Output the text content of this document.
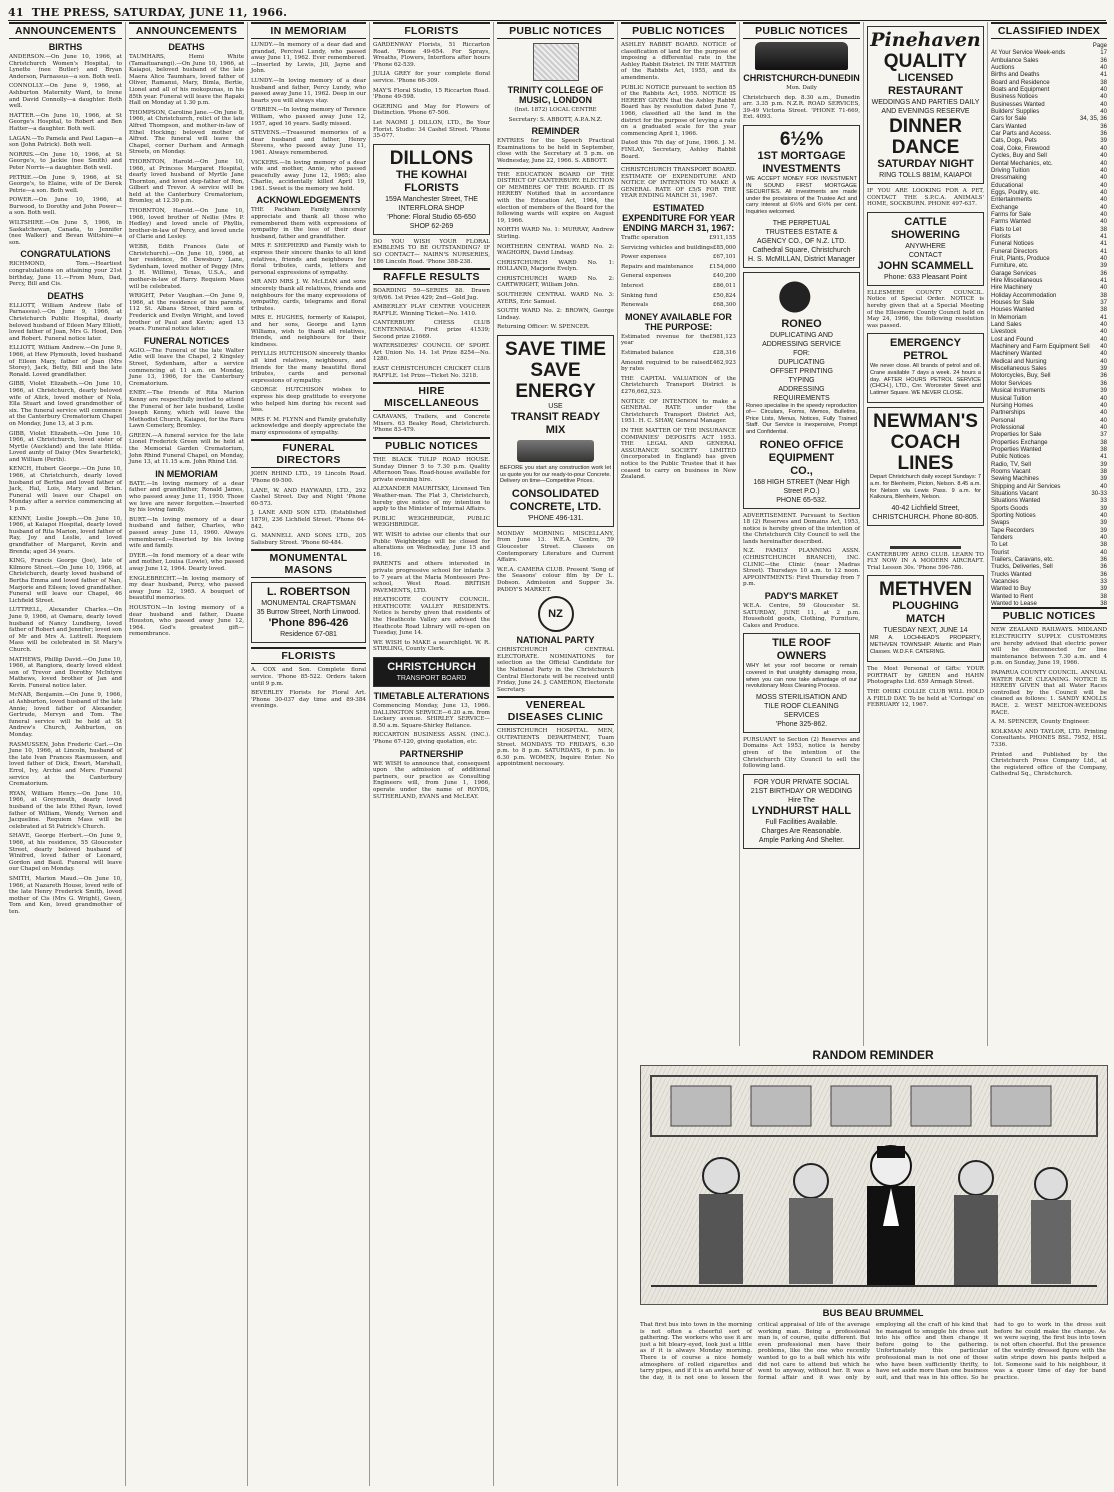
41 THE PRESS, SATURDAY, JUNE 11, 1966.
ANNOUNCEMENTS
BIRTHS
ANDERSON.—On June 10, 1966, at Christchurch Women's Hospital, to Lynette (nee Butler) and Bryan Anderson, Parnassus—a son. Both well.
CONNOLLY.—On June 9, 1966, at Ashburton Maternity Ward, to Irene and David Connolly—a daughter. Both well.
HATTER.—On June 10, 1966, at St George's Hospital, to Robert and Ben Hatter—a daughter. Both well.
LAGAN.—To Pamela and Paul Lagan—a son (John Patrick). Both well.
NORRIS.—On June 10, 1966, at St George's, to Jackie (nee Smith) and Peter Norris—a daughter. Both well.
PETRIE.—On June 9, 1966, at St George's, to Elaine, wife of Dr Derek Petrie—a son. Both well.
POWER.—On June 10, 1966, at Burwood, to Dorothy and John Power—a son. Both well.
WILTSHIRE.—On June 5, 1966, in Saskatchewan, Canada, to Jennifer (nee Walker) and Bevan Wiltshire—a son.
CONGRATULATIONS
RICHMOND, Tom.—Heartiest congratulations on attaining your 21st birthday, June 11.—From Mum, Dad, Percy, Bill and Cis.
DEATHS
ELLIOTT, William Andrew (late of Parnassus).—On June 9, 1966, at Christchurch Public Hospital, dearly beloved husband of Eileen Mary Elliott, loved father of Joan, Mrs G. Hood, Don and Robert. Funeral notice later.
ELLIOTT, William Andrew.—On June 9, 1966, at Hew Plymouth, loved husband of Eileen Mary, father of Joan (Mrs Storey), Jack, Betty, Bill and the late Ronald. Loved grandfather.
GIBB, Violet Elizabeth.—On June 10, 1966, at Christchurch, dearly beloved wife of Alick, loved mother of Nola, Ella Stuart and loved grandmother of six. The funeral service will commence at the Canterbury Crematorium Chapel on Monday, June 13, at 3 p.m.
GIBB, Violet Elizabeth.—On June 10, 1966, at Christchurch, loved sister of Myrtle (Auckland) and the late Hilda. Loved aunty of Daisy (Mrs Swarbrick), and William (Perth).
KENCH, Hubert George.—On June 10, 1966, at Christchurch, dearly loved husband of Bertha and loved father of Jack, Hal, Lois, Mary and Brian. Funeral will leave our Chapel on Monday after a service commencing at 1 p.m.
KENNY, Leslie Joseph.—On June 10, 1966, at Kaiapoi Hospital, dearly loved husband of Rita Marion, loved father of Ray, Joy and Leslie, and loved grandfather of Margaret, Kevin and Brenda; aged 34 years.
KING, Francis George (Joe), late of Kilmore Street.—On June 10, 1966, at Christchurch, dearly loved husband of Bertha Emma and loved father of Nan, Marjorie and Eileen; loved grandfather. Funeral will leave our Chapel, 46 Lichfield Street.
LUTTRELL, Alexander Charles.—On June 9, 1966, at Oamaru, dearly loved husband of Nancy Lundberg, loved father of Robert and Jennifer; loved son of Mr and Mrs A. Luttrell. Requiem Mass will be celebrated in St Mary's Church.
MATHEWS, Phillip David.—On June 10, 1966, at Rangiora, dearly loved eldest son of Trevor and Dorothy McIntyre Mathews, loved brother of Jan and Kevin. Funeral notice later.
McNAB, Benjamin.—On June 9, 1966, at Ashburton, loved husband of the late Annie; loved father of Alexander, Gertrude, Mervyn and Tom. The funeral service will be held at St Andrew's Church, Ashburton, on Monday.
RASMUSSEN, John Frederic Carl.—On June 10, 1966, at Lincoln, husband of the late Ivan Frances Rasmussen, and loved father of Dick, Ewart, Marshall, Errol, Ivy, Archie and Merv. Funeral service at the Canterbury Crematorium.
RYAN, William Henry.—On June 10, 1966, at Greymouth, dearly loved husband of the late Ethel Ryan, loved father of William, Wendy, Vernon and Jacqueline. Requiem Mass will be celebrated at St Patrick's Church.
SHAVE, George Herbert.—On June 9, 1966, at his residence, 55 Gloucester Street, dearly beloved husband of Winifred, loved father of Leonard, Gordon and Basil. Funeral will leave our Chapel on Monday.
SMITH, Marion Maud.—On June 10, 1966, at Nazareth House, loved wife of the late Henry Frederick Smith, loved mother of Cis (Mrs G. Wright), Gwen, Tom and Ken, loved grandmother of ten.
ANNOUNCEMENTS
DEATHS
TAUMHARS, Hemi White (Tamaituarangi).—On June 10, 1966, at Kaiapoi, beloved husband of the late Maera Alice Taumhars, loved father of Oliver, Ramanui, Mary, Bimla, Bertie, Lionel and all of his mokopunas, in his 85th year. Funeral will leave the Rapaki Hall on Monday at 1.30 p.m.
THOMPSON, Caroline Jane.—On June 8, 1966, at Christchurch, relict of the late Alfred Thompson, and mother-in-law of Ethel Hocking; beloved mother of Alfred. The funeral will leave the Chapel, corner Durham and Armagh Streets, on Monday.
THORNTON, Harold.—On June 10, 1966, at Princess Margaret Hospital, dearly loved husband of Myrtle Jane Thornton, and loved step-father of Ron, Gilbert and Trevor. A service will be held at the Canterbury Crematorium, Bromley, at 12.30 p.m.
THORNTON, Harold.—On June 10, 1966, loved brother of Nellie (Mrs P. Hedley) and loved uncle of Phyllis, brother-in-law of Percy, and loved uncle of Clarie and Lesley.
WEBB, Edith Frances (late of Christchurch).—On June 10, 1966, at her residence, 56 Dewsbury Lane, Sydenham, loved mother of Peggy (Mrs J. H. Willims), Texas, U.S.A., and mother-in-law of Harry. Requiem Mass will be celebrated.
WRIGHT, Peter Vaughan.—On June 9, 1966, at the residence of his parents, 112 St. Albans Street, third son of Frederick and Evelyn Wright, and loved brother of Paul and Kevin; aged 13 years. Funeral notice later.
FUNERAL NOTICES
AGIO.—The Funeral of the late Walter Adie will leave the Chapel, 2 Kingsley Street, Sydenham, after a service commencing at 11 a.m. on Monday, June 13, 1966, for the Canterbury Crematorium.
ENBY.—The friends of Rita Marion Kenny are respectfully invited to attend the Funeral of her late husband, Leslie Joseph Kenny, which will leave the Methodist Church, Kaiapoi, for the Ruru Lawn Cemetery, Bromley.
GREEN.—A funeral service for the late Lionel Frederick Green will be held at the Memorial Garden Crematorium, John Rhind Funeral Chapel, on Monday, June 13, at 11.15 a.m. John Rhind Ltd.
IN MEMORIAM
BATE.—In loving memory of a dear father and grandfather, Ronald James, who passed away June 11, 1950. Those we love are never forgotten.—Inserted by his loving family.
BURT.—In loving memory of a dear husband and father, Charles, who passed away June 11, 1960. Always remembered.—Inserted by his loving wife and family.
DYER.—In fond memory of a dear wife and mother, Louisa (Lowie), who passed away June 12, 1964. Dearly loved.
ENGLEBRECHT.—In loving memory of my dear husband, Percy, who passed away June 12, 1965. A bouquet of beautiful memories.
HOUSTON.—In loving memory of a dear husband and father, Duane Houston, who passed away June 12, 1964. God's greatest gift—remembrance.
IN MEMORIAM
LUNDY.—In memory of a dear dad and grandad, Percival Lundy, who passed away June 11, 1962. Ever remembered.—Inserted by Lewis, Jill, Jayne and John.
LUNDY.—In loving memory of a dear husband and father, Percy Lundy, who passed away June 11, 1962. Deep in our hearts you will always stay.
O'BRIEN.—In loving memory of Terence William, who passed away June 12, 1957, aged 16 years. Sadly missed.
STEVENS.—Treasured memories of a dear husband and father, Henry Stevens, who passed away June 11, 1961. Always remembered.
VICKERS.—In loving memory of a dear wife and mother, Annie, who passed peacefully away June 12, 1965; also Charlie, accidentally killed April 19, 1961. Sweet is the memory we hold.
ACKNOWLEDGEMENTS
THE Packham Family sincerely appreciate and thank all those who remembered them with expressions of sympathy in the loss of their dear husband, father and grandfather.
MRS F. SHEPHERD and Family wish to express their sincere thanks to all kind relatives, friends and neighbours for floral tributes, cards, letters and personal expressions of sympathy.
MR AND MRS J. W. McLEAN and sons sincerely thank all relatives, friends and neighbours for the many expressions of sympathy, cards, telegrams and floral tributes.
MRS E. HUGHES, formerly of Kaiapoi, and her sons, George and Lynn Williams, wish to thank all relatives, friends, and neighbours for their kindness.
PHYLLIS HUTCHISON sincerely thanks all kind relatives, neighbours, and friends for the many beautiful floral tributes, cards and personal expressions of sympathy.
GEORGE HUTCHISON wishes to express his deep gratitude to everyone who helped him during his recent sad loss.
MRS F. M. FLYNN and Family gratefully acknowledge and deeply appreciate the many expressions of sympathy.
FUNERAL DIRECTORS
JOHN RHIND LTD., 19 Lincoln Road. 'Phone 69-500.
LANE, W. AND HAYWARD, LTD., 292 Cashel Street. Day and Night 'Phone 60-573.
J. LANE AND SON LTD. (Established 1879), 236 Lichfield Street. 'Phone 64-842.
G. MANNELL AND SONS LTD., 205 Salisbury Street. 'Phone 60-484.
MONUMENTAL MASONS
L. ROBERTSON
MONUMENTAL CRAFTSMAN
35 Burrow Street, North Linwood.
'Phone 896-426
Residence 67-081
FLORISTS
A. COX and Son. Complete floral service. 'Phone 85-522. Orders taken until 9 p.m.
BEVERLEY Florists for Floral Art. 'Phone 30-037 day time and 89-384 evenings.
FLORISTS
GARDENWAY Florists, 51 Riccarton Road. 'Phone 49-654. For Sprays, Wreaths, Flowers, Interflora after hours 'Phone 62-539.
JULIA GREY for your complete floral service. 'Phone 66-309.
MAY'S Floral Studio, 15 Riccarton Road. 'Phone 49-598.
OGERING and May for Flowers of Distinction. 'Phone 67-506.
Let NAOMI J. DILLON, LTD., Be Your Florist. Studio: 34 Cashel Street. 'Phone 35-077.
DILLONS
THE KOWHAI FLORISTS
159A Manchester Street, THE INTERFLORA SHOP
'Phone: Floral Studio 65-650
SHOP 62-269
DO YOU WISH YOUR FLORAL EMBLEMS TO BE OUTSTANDING? IF SO CONTACT— NAIRN'S NURSERIES, 186 Lincoln Road. 'Phone 388-238.
RAFFLE RESULTS
BOARDING 59—SERIES 88. Drawn 9/6/66. 1st Prize 429; 2nd—Gold Jug.
AMBERLEY PLAY CENTRE VOUCHER RAFFLE. Winning Ticket—No. 1410.
CANTERBURY CHESS CLUB CENTENNIAL. First prize 41539; Second prize 21669.
WATERSIDERS' COUNCIL OF SPORT. Art Union No. 14. 1st Prize 8254—No. 1280.
EAST CHRISTCHURCH CRICKET CLUB RAFFLE. 1st Prize—Ticket No. 3218.
HIRE MISCELLANEOUS
CARAVANS, Trailers, and Concrete Mixers. 63 Bealey Road, Christchurch. 'Phone 83-479.
PUBLIC NOTICES
THE BLACK TULIP ROAD HOUSE. Sunday Dinner 5 to 7.30 p.m. Quality Afternoon Teas. Road-house available for private evening hire.
ALEXANDER MAURITSKY, Licensed Ten Weather-man. The Flat 3, Christchurch, hereby give notice of my intention to apply to the Minister of Internal Affairs.
PUBLIC WEIGHBRIDGE, PUBLIC WEIGHBRIDGE.
WE WISH to advise our clients that our Public Weighbridge will be closed for alterations on Wednesday, June 15 and 16.
PARENTS and others interested in private progressive school for infants 3 to 7 years at the Maria Montessori Pre-school, West Road. BRITISH PAVEMENTS, LTD.
HEATHCOTE COUNTY COUNCIL. HEATHCOTE VALLEY RESIDENTS. Notice is hereby given that residents of the Heathcote Valley are advised the Heathcote Road Library will re-open on Tuesday, June 14.
WE WISH to MAKE a searchlight. W. R. STIRLING, County Clerk.
CHRISTCHURCH
TRANSPORT BOARD
TIMETABLE ALTERATIONS
Commencing Monday, June 13, 1966. DALLINGTON SERVICE—6.20 a.m. from Lockery avenue. SHIRLEY SERVICE—8.50 a.m. Square-Shirley Reliance.
RICCARTON BUSINESS ASSN. (INC.). 'Phone 67-120, giving quotation, etc.
PARTNERSHIP
WE WISH to announce that, consequent upon the admission of additional partners, our practice as Consulting Engineers will, from June 1, 1966, operate under the name of ROYDS, SUTHERLAND, EVANS and McLEAY.
PUBLIC NOTICES
TRINITY COLLEGE OF MUSIC, LONDON
(Inst. 1872) LOCAL CENTRE
Secretary: S. ABBOTT, A.P.A.N.Z.
REMINDER
ENTRIES for the Speech Practical Examinations to be held in September, close with the Secretary at 5 p.m. on Wednesday, June 22, 1966. S. ABBOTT.
THE EDUCATION BOARD OF THE DISTRICT OF CANTERBURY. ELECTION OF MEMBERS OF THE BOARD. IT IS HEREBY Notified that in accordance with the Education Act, 1964, the election of members of the Board for the following wards will expire on August 19, 1966.
NORTH WARD No. 1: MURRAY, Andrew Stirling.
NORTHERN CENTRAL WARD No. 2: WAGHORN, David Lindsay.
CHRISTCHURCH WARD No. 1: HOLLAND, Marjorie Evelyn.
CHRISTCHURCH WARD No. 2: CARTWRIGHT, William John.
SOUTHERN CENTRAL WARD No. 3: AYERS, Eric Samuel.
SOUTH WARD No. 2: BROWN, George Lindsay.
Returning Officer: W. SPENCER.
SAVE TIME
SAVE ENERGY
USE
TRANSIT READY MIX
BEFORE you start any construction work let us quote you for our ready-to-pour Concrete. Delivery on time—Competitive Prices.
CONSOLIDATED CONCRETE, LTD.
'PHONE 496-131.
MONDAY MORNING MISCELLANY, from June 13. W.E.A. Centre, 59 Gloucester Street. Classes on Contemporary Literature and Current Affairs.
W.E.A. CAMERA CLUB. Present 'Song of the Seasons' colour film by Dr L. Dobson. Admission and Supper 3s. PADDY'S MARKET.
NZ
NATIONAL PARTY
CHRISTCHURCH CENTRAL ELECTORATE. NOMINATIONS for selection as the Official Candidate for the National Party in the Christchurch Central Electorate will be received until Friday, June 24. J. CAMERON, Electorate Secretary.
VENEREAL DISEASES CLINIC
CHRISTCHURCH HOSPITAL. MEN, OUTPATIENTS DEPARTMENT, Tuam Street. MONDAYS TO FRIDAYS, 6.30 p.m. to 8 p.m. SATURDAYS, 6 p.m. to 6.30 p.m. WOMEN, Inquire Enter. No appointment necessary.
PUBLIC NOTICES
ASHLEY RABBIT BOARD. NOTICE of classification of land for the purpose of imposing a differential rate in the Ashley Rabbit District. IN THE MATTER of the Rabbits Act, 1955, and its amendments.
PUBLIC NOTICE pursuant to section 85 of the Rabbits Act, 1955. NOTICE IS HEREBY GIVEN that the Ashley Rabbit Board has by resolution dated June 7, 1966, classified all the land in the district for the purpose of levying a rate on a graduated scale for the year commencing April 1, 1966.
Dated this 7th day of June, 1966. J. M. FINLAY, Secretary, Ashley Rabbit Board.
CHRISTCHURCH TRANSPORT BOARD. ESTIMATE OF EXPENDITURE AND NOTICE OF INTENTION TO MAKE A GENERAL RATE OF £5/S FOR THE YEAR ENDING MARCH 31, 1967.
ESTIMATED EXPENDITURE FOR YEAR ENDING MARCH 31, 1967:
Traffic operation	£911,155
Servicing vehicles and buildings £85,000
Power expenses	£67,101
Repairs and maintenance	£154,000
General expenses	£40,200
Interest	£86,011
Sinking fund	£50,824
Renewals	£68,300
MONEY AVAILABLE FOR THE PURPOSE:
Estimated revenue for the year
£981,123
Estimated balance	£28,316
Amount required to be raised by rates
£462,923
THE CAPITAL VALUATION of the Christchurch Transport District is £276,662,323.
NOTICE OF INTENTION to make a GENERAL RATE under the Christchurch Transport District Act, 1951. H. C. SHAW, General Manager.
IN THE MATTER OF THE INSURANCE COMPANIES' DEPOSITS ACT 1953. THE LEGAL AND GENERAL ASSURANCE SOCIETY LIMITED (incorporated in England) has given notice to the Public Trustee that it has ceased to carry on business in New Zealand.
PUBLIC NOTICES
CHRISTCHURCH-DUNEDIN
Mon. Daily
Christchurch dep. 8.30 a.m., Dunedin arr. 3.35 p.m. N.Z.R. ROAD SERVICES, 39-49 Victoria Street. 'PHONE 71-669, Ext. 4093.
6½%
1ST MORTGAGE
INVESTMENTS
WE ACCEPT MONEY FOR INVESTMENT IN SOUND FIRST MORTGAGE SECURITIES. All investments are made under the provisions of the Trustee Act and carry interest at 6½% and 6½% per cent. Inquiries welcomed.
THE PERPETUAL
TRUSTEES ESTATE &
AGENCY CO., OF N.Z. LTD.
Cathedral Square, Christchurch
H. S. McMILLAN, District Manager
RONEO
DUPLICATING AND
ADDRESSING SERVICE
FOR:
DUPLICATING
OFFSET PRINTING
TYPING
ADDRESSING
REQUIREMENTS
Roneo specialise in the speedy reproduction of— Circulars, Forms, Memos, Bulletins, Price Lists, Menus, Notices, Fully Trained Staff. Our Service is inexpensive, Prompt and Confidential.
RONEO OFFICE
EQUIPMENT
CO.,
168 HIGH STREET (Near High Street P.O.)
PHONE 65-532.
ADVERTISEMENT. Pursuant to Section 18 (2) Reserves and Domains Act, 1953, notice is hereby given of the intention of the Christchurch City Council to sell the lands hereinafter described.
N.Z. FAMILY PLANNING ASSN. (CHRISTCHURCH BRANCH), INC. CLINIC—the Clinic (near Madras Street). Thursdays 10 a.m. to 12 noon. APPOINTMENTS: First Thursday from 7 p.m.
PADY'S MARKET
W.E.A. Centre, 59 Gloucester St. SATURDAY, JUNE 11, at 2 p.m. Household goods, Clothing, Furniture, Cakes and Produce.
TILE ROOF
OWNERS
WHY let your roof become or remain covered in that unsightly damaging moss, when you can now take advantage of our revolutionary Moss Cleaning Process.
MOSS STERILISATION AND
TILE ROOF CLEANING
SERVICES
'Phone 325-862.
PURSUANT to Section (2) Reserves and Domains Act 1953, notice is hereby given of the intention of the Christchurch City Council to sell the following land.
FOR YOUR PRIVATE SOCIAL
21ST BIRTHDAY OR WEDDING
Hire The
LYNDHURST HALL
Full Facilities Available.
Charges Are Reasonable.
Ample Parking And Shelter.
Pinehaven
QUALITY
LICENSED RESTAURANT
WEDDINGS AND PARTIES DAILY AND EVENINGS RESERVE
DINNER DANCE
SATURDAY NIGHT
RING TOLLS 881M, KAIAPOI
IF YOU ARE LOOKING FOR A PET, CONTACT THE S.P.C.A. ANIMALS' HOME, SOCKBURN. PHONE 497-637.
CATTLE SHOWERING
ANYWHERE
CONTACT
JOHN SCAMMELL
Phone: 633 Pleasant Point
ELLESMERE COUNTY COUNCIL. Notice of Special Order. NOTICE is hereby given that at a Special Meeting of the Ellesmere County Council held on May 24, 1966, the following resolution was passed.
EMERGENCY PETROL
We never close. All brands of petrol and oil. Crane available 7 days a week. 24 hours a day. AFTER HOURS PETROL SERVICE (CHCH.), LTD., Cnr. Worcester Street and Latimer Square. WE NEVER CLOSE.
NEWMAN'S
COACH LINES
Depart Christchurch daily except Sundays: 7 a.m. for Blenheim, Picton, Nelson. 8.45 a.m. for Nelson via Lewis Pass. 9 a.m. for Kaikoura, Blenheim, Nelson.
40-42 Lichfield Street, CHRISTCHURCH. Phone 80-805.
CANTERBURY AERO CLUB. LEARN TO FLY NOW IN A MODERN AIRCRAFT. Trial Lesson 30s. 'Phone 596-786.
METHVEN
PLOUGHING
MATCH
TUESDAY NEXT, JUNE 14
MR A. LOCHHEAD'S PROPERTY, METHVEN TOWNSHIP. Atlantic and Plain Classes. W.D.F.F. CATERING.
The Most Personal of Gifts: YOUR PORTRAIT by GREEN and HAHN Photographs Ltd. 659 Armagh Street.
THE OHIKI COLLIE CLUB WILL HOLD A FIELD DAY. To be held at 'Coringa' on FEBRUARY 12, 1967.
CLASSIFIED INDEX
Page
At Your Service Week-ends	17
Ambulance Sales	36
Auctions	40
Births and Deaths	41
Board and Residence	38
Boats and Equipment	40
Business Notices	40
Businesses Wanted	40
Builders' Supplies	40
Cars for Sale	34, 35, 36
Cars Wanted	36
Car Parts and Access.	36
Cats, Dogs, Pets	39
Coal, Coke, Firewood	40
Cycles, Buy and Sell	40
Dental Mechanics, etc.	40
Driving Tuition	40
Dressmaking	40
Educational	40
Eggs, Poultry, etc.	40
Entertainments	40
Exchange	40
Farms for Sale	40
Farms Wanted	40
Flats to Let	38
Florists	41
Funeral Notices	41
Funeral Directors	41
Fruit, Plants, Produce	40
Furniture, etc.	39
Garage Services	36
Hire Miscellaneous	41
Hire Machinery	40
Holiday Accommodation	38
Houses for Sale	37
Houses Wanted	38
In Memoriam	41
Land Sales	40
Livestock	40
Lost and Found	40
Machinery and Farm Equipment Sell 40
Machinery Wanted	40
Medical and Nursing	40
Miscellaneous Sales	39
Motorcycles, Buy, Sell	36
Motor Services	36
Musical Instruments	39
Musical Tuition	40
Nursing Homes	40
Partnerships	40
Personal	40
Professional	40
Properties for Sale	37
Properties Exchange	38
Properties Wanted	38
Public Notices	41
Radio, TV, Sell	39
Rooms Vacant	38
Sewing Machines	39
Shipping and Air Services	40
Situations Vacant	30-33
Situations Wanted	33
Sports Goods	39
Sporting Notices	40
Swaps	39
Tape Recorders	39
Tenders	40
To Let	38
Tourist	40
Trailers, Caravans, etc.	36
Trucks, Deliveries, Sell	36
Trucks Wanted	36
Vacancies	33
Wanted to Buy	39
Wanted to Rent	38
Wanted to Lease	38
PUBLIC NOTICES
NEW ZEALAND RAILWAYS. MIDLAND ELECTRICITY SUPPLY. CUSTOMERS are hereby advised that electric power will be disconnected for line maintenance between 7.30 a.m. and 4 p.m. on Sunday, June 19, 1966.
PAPARUA COUNTY COUNCIL. ANNUAL WATER RACE CLEANING. NOTICE IS HEREBY GIVEN that all Water Races controlled by the Council will be cleaned as follows: 1. SANDY KNOLLS RACE. 2. WEST MELTON-WEEDONS RACE.
A. M. SPENCER, County Engineer.
KOLKMAN AND TAYLOR, LTD. Printing Consultants. PHONES BSL. 7952, HSL. 7336.
Printed and Published by the Christchurch Press Company Ltd., at the registered office of the Company, Cathedral Sq., Christchurch.
RANDOM REMINDER
BUS BEAU BRUMMEL
That first bus into town in the morning is not often a cheerful sort of gathering. The workers who use it are just a bit bleary-eyed, look just a little as if it is always Monday morning. There is of course a nice homely atmosphere of rolled cigarettes and tarry pipes, and if it is an awful hour of the day, it is not one to lessen the critical appraisal of life of the average working man. Being a professional man is, of course, quite different. But even professional men have their problems, like the one who recently wanted to go to a ball which his wife did not care to attend but which he went to anyway, without her. It was a formal affair and it was only by employing all the craft of his kind that he managed to smuggle his dress suit into his office and then change it before going to the gathering. Unfortunately this particular professional man is not one of those who have been sufficiently thrifty, to have set aside more than one business suit, and that was in his office. So he had to go to work in the dress suit before he could make the change. As we were saying, the first bus into town is not often cheerful. But the presence of the weirdly dressed figure with the satin stripe down his pants helped a lot. Someone said to his neighbour, it was a queer time of day for band practice.
